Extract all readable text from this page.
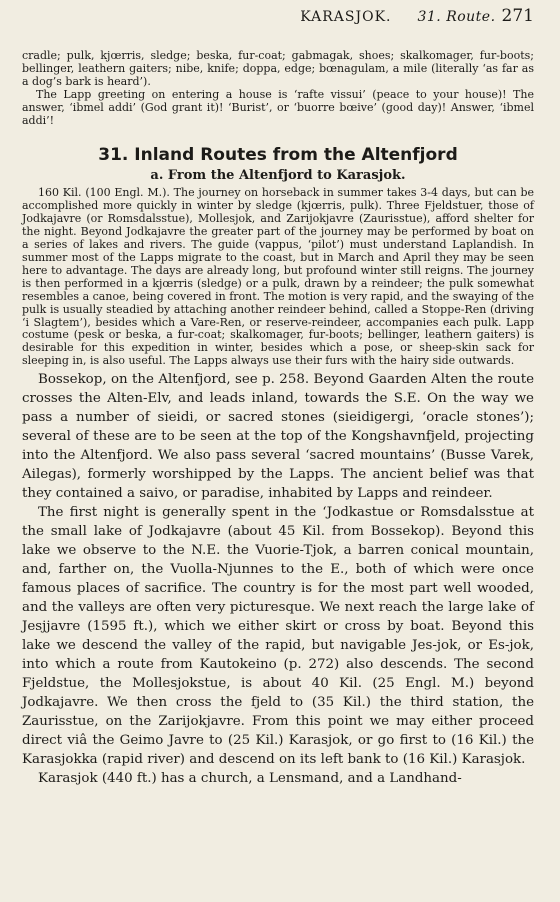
KARASJOK. 31. Route. 271

cradle; pulk, kjœrris, sledge; beska, fur-coat; gabmagak, shoes; skalkomager, fur-boots; bellinger, leathern gaiters; nibe, knife; doppa, edge; bœnagulam, a mile (literally ‘as far as a dog’s bark is heard’).

The Lapp greeting on entering a house is ‘rafte vissui’ (peace to your house)! The answer, ‘ibmel addi’ (God grant it)! ‘Burist’, or ‘buorre bœive’ (good day)! Answer, ‘ibmel addi’!

31. Inland Routes from the Altenfjord
a. From the Altenfjord to Karasjok.

160 Kil. (100 Engl. M.). The journey on horseback in summer takes 3-4 days, but can be accomplished more quickly in winter by sledge (kjœrris, pulk). Three Fjeldstuer, those of Jodkajavre (or Romsdalsstue), Mollesjok, and Zarijokjavre (Zaurisstue), afford shelter for the night. Beyond Jodkajavre the greater part of the journey may be performed by boat on a series of lakes and rivers. The guide (vappus, ‘pilot’) must understand Laplandish. In summer most of the Lapps migrate to the coast, but in March and April they may be seen here to advantage. The days are already long, but profound winter still reigns. The journey is then performed in a kjœrris (sledge) or a pulk, drawn by a reindeer; the pulk somewhat resembles a canoe, being covered in front. The motion is very rapid, and the swaying of the pulk is usually steadied by attaching another reindeer behind, called a Stoppe-Ren (driving ‘i Slagtem’), besides which a Vare-Ren, or reserve-reindeer, accompanies each pulk. Lapp costume (pesk or beska, a fur-coat; skalkomager, fur-boots; bellinger, leathern gaiters) is desirable for this expedition in winter, besides which a pose, or sheep-skin sack for sleeping in, is also useful. The Lapps always use their furs with the hairy side outwards.

Bossekop, on the Altenfjord, see p. 258. Beyond Gaarden Alten the route crosses the Alten-Elv, and leads inland, towards the S.E. On the way we pass a number of sieidi, or sacred stones (sieidigergi, ‘oracle stones’); several of these are to be seen at the top of the Kongshavnfjeld, projecting into the Altenfjord. We also pass several ‘sacred mountains’ (Busse Varek, Ailegas), formerly worshipped by the Lapps. The ancient belief was that they contained a saivo, or paradise, inhabited by Lapps and reindeer.

The first night is generally spent in the ‘Jodkastue or Romsdalsstue at the small lake of Jodkajavre (about 45 Kil. from Bossekop). Beyond this lake we observe to the N.E. the Vuorie-Tjok, a barren conical mountain, and, farther on, the Vuolla-Njunnes to the E., both of which were once famous places of sacrifice. The country is for the most part well wooded, and the valleys are often very picturesque. We next reach the large lake of Jesjjavre (1595 ft.), which we either skirt or cross by boat. Beyond this lake we descend the valley of the rapid, but navigable Jes-jok, or Es-jok, into which a route from Kautokeino (p. 272) also descends. The second Fjeldstue, the Mollesjokstue, is about 40 Kil. (25 Engl. M.) beyond Jodkajavre. We then cross the fjeld to (35 Kil.) the third station, the Zaurisstue, on the Zarijokjavre. From this point we may either proceed direct viâ the Geimo Javre to (25 Kil.) Karasjok, or go first to (16 Kil.) the Karasjokka (rapid river) and descend on its left bank to (16 Kil.) Karasjok.

Karasjok (440 ft.) has a church, a Lensmand, and a Landhand-
